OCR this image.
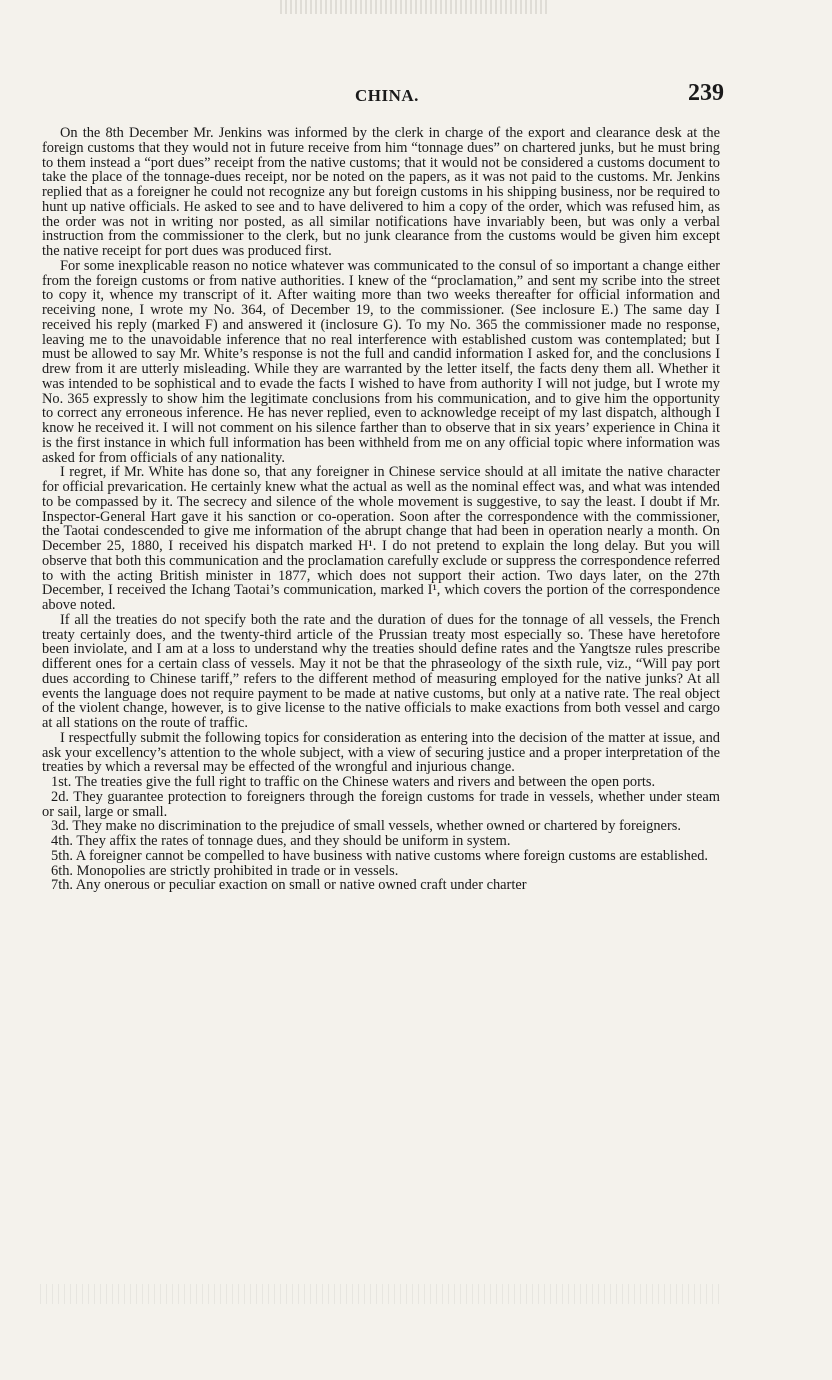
CHINA.	239

On the 8th December Mr. Jenkins was informed by the clerk in charge of the export and clearance desk at the foreign customs that they would not in future receive from him “tonnage dues” on chartered junks, but he must bring to them instead a “port dues” receipt from the native customs; that it would not be considered a customs document to take the place of the tonnage-dues receipt, nor be noted on the papers, as it was not paid to the customs. Mr. Jenkins replied that as a foreigner he could not recognize any but foreign customs in his shipping business, nor be required to hunt up native officials. He asked to see and to have delivered to him a copy of the order, which was refused him, as the order was not in writing nor posted, as all similar notifications have invariably been, but was only a verbal instruction from the commissioner to the clerk, but no junk clearance from the customs would be given him except the native receipt for port dues was produced first.

For some inexplicable reason no notice whatever was communicated to the consul of so important a change either from the foreign customs or from native authorities. I knew of the “proclamation,” and sent my scribe into the street to copy it, whence my transcript of it. After waiting more than two weeks thereafter for official information and receiving none, I wrote my No. 364, of December 19, to the commissioner. (See inclosure E.) The same day I received his reply (marked F) and answered it (inclosure G). To my No. 365 the commissioner made no response, leaving me to the unavoidable inference that no real interference with established custom was contemplated; but I must be allowed to say Mr. White’s response is not the full and candid information I asked for, and the conclusions I drew from it are utterly misleading. While they are warranted by the letter itself, the facts deny them all. Whether it was intended to be sophistical and to evade the facts I wished to have from authority I will not judge, but I wrote my No. 365 expressly to show him the legitimate conclusions from his communication, and to give him the opportunity to correct any erroneous inference. He has never replied, even to acknowledge receipt of my last dispatch, although I know he received it. I will not comment on his silence farther than to observe that in six years’ experience in China it is the first instance in which full information has been withheld from me on any official topic where information was asked for from officials of any nationality.

I regret, if Mr. White has done so, that any foreigner in Chinese service should at all imitate the native character for official prevarication. He certainly knew what the actual as well as the nominal effect was, and what was intended to be compassed by it. The secrecy and silence of the whole movement is suggestive, to say the least. I doubt if Mr. Inspector-General Hart gave it his sanction or co-operation. Soon after the correspondence with the commissioner, the Taotai condescended to give me information of the abrupt change that had been in operation nearly a month. On December 25, 1880, I received his dispatch marked H¹. I do not pretend to explain the long delay. But you will observe that both this communication and the proclamation carefully exclude or suppress the correspondence referred to with the acting British minister in 1877, which does not support their action. Two days later, on the 27th December, I received the Ichang Taotai’s communication, marked I¹, which covers the portion of the correspondence above noted.

If all the treaties do not specify both the rate and the duration of dues for the tonnage of all vessels, the French treaty certainly does, and the twenty-third article of the Prussian treaty most especially so. These have heretofore been inviolate, and I am at a loss to understand why the treaties should define rates and the Yangtsze rules prescribe different ones for a certain class of vessels. May it not be that the phraseology of the sixth rule, viz., “Will pay port dues according to Chinese tariff,” refers to the different method of measuring employed for the native junks? At all events the language does not require payment to be made at native customs, but only at a native rate. The real object of the violent change, however, is to give license to the native officials to make exactions from both vessel and cargo at all stations on the route of traffic.

I respectfully submit the following topics for consideration as entering into the decision of the matter at issue, and ask your excellency’s attention to the whole subject, with a view of securing justice and a proper interpretation of the treaties by which a reversal may be effected of the wrongful and injurious change.

1st. The treaties give the full right to traffic on the Chinese waters and rivers and between the open ports.

2d. They guarantee protection to foreigners through the foreign customs for trade in vessels, whether under steam or sail, large or small.

3d. They make no discrimination to the prejudice of small vessels, whether owned or chartered by foreigners.

4th. They affix the rates of tonnage dues, and they should be uniform in system.

5th. A foreigner cannot be compelled to have business with native customs where foreign customs are established.

6th. Monopolies are strictly prohibited in trade or in vessels.

7th. Any onerous or peculiar exaction on small or native owned craft under charter
